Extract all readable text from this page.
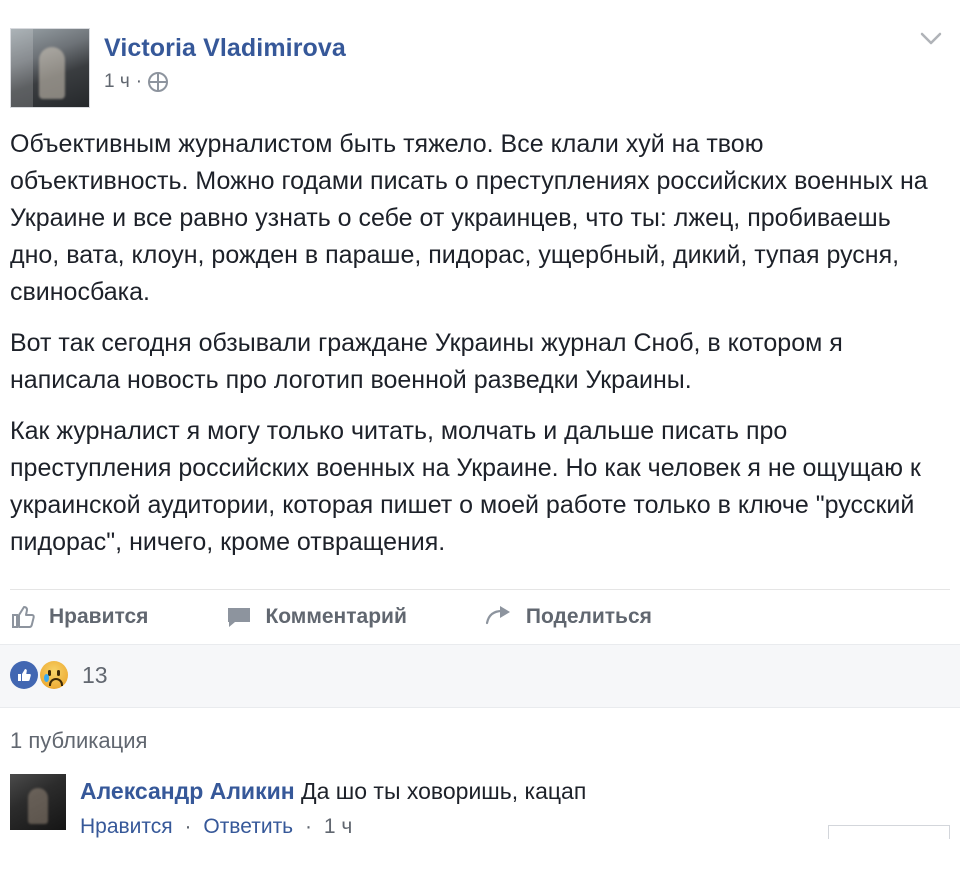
Victoria Vladimirova
1 ч ·

Объективным журналистом быть тяжело. Все клали хуй на твою объективность. Можно годами писать о преступлениях российских военных на Украине и все равно узнать о себе от украинцев, что ты: лжец, пробиваешь дно, вата, клоун, рожден в параше, пидорас, ущербный, дикий, тупая русня, свиносбака.

Вот так сегодня обзывали граждане Украины журнал Сноб, в котором я написала новость про логотип военной разведки Украины.

Как журналист я могу только читать, молчать и дальше писать про преступления российских военных на Украине. Но как человек я не ощущаю к украинской аудитории, которая пишет о моей работе только в ключе "русский пидорас", ничего, кроме отвращения.

Нравится	Комментарий	Поделиться
13
1 публикация
Александр Аликин Да шо ты ховоришь, кацап
Нравится · Ответить · 1 ч
